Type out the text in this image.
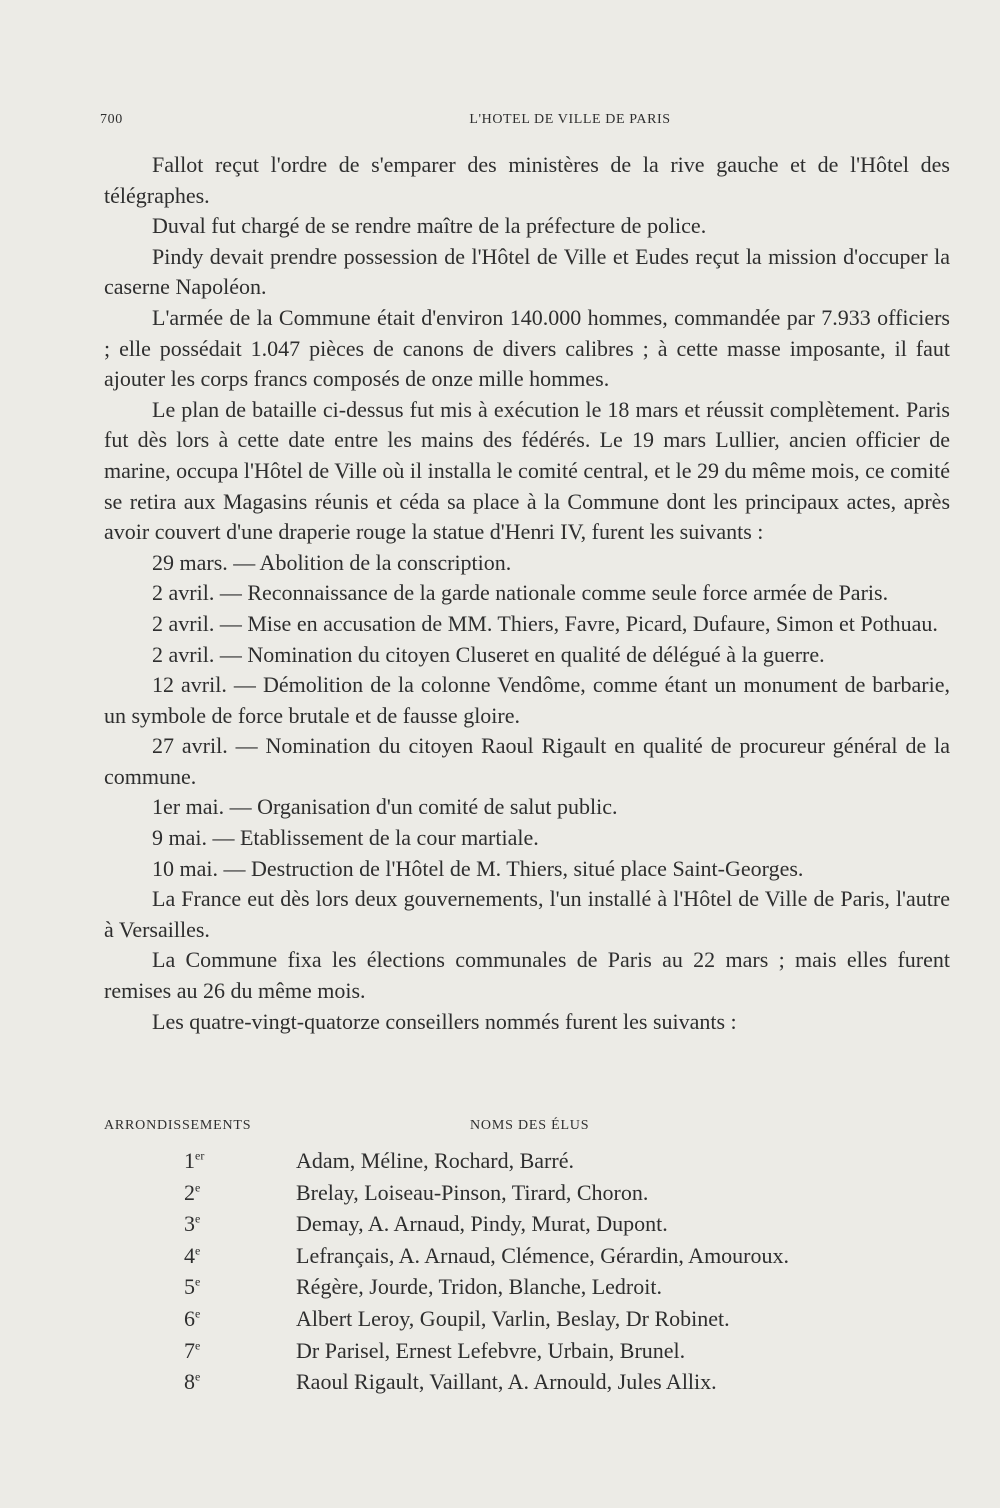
700	L'HOTEL DE VILLE DE PARIS

Fallot reçut l'ordre de s'emparer des ministères de la rive gauche et de l'Hôtel des télégraphes.

Duval fut chargé de se rendre maître de la préfecture de police.

Pindy devait prendre possession de l'Hôtel de Ville et Eudes reçut la mission d'occuper la caserne Napoléon.

L'armée de la Commune était d'environ 140.000 hommes, commandée par 7.933 officiers ; elle possédait 1.047 pièces de canons de divers calibres ; à cette masse imposante, il faut ajouter les corps francs composés de onze mille hommes.

Le plan de bataille ci-dessus fut mis à exécution le 18 mars et réussit complètement. Paris fut dès lors à cette date entre les mains des fédérés. Le 19 mars Lullier, ancien officier de marine, occupa l'Hôtel de Ville où il installa le comité central, et le 29 du même mois, ce comité se retira aux Magasins réunis et céda sa place à la Commune dont les principaux actes, après avoir couvert d'une draperie rouge la statue d'Henri IV, furent les suivants :

29 mars. — Abolition de la conscription.

2 avril. — Reconnaissance de la garde nationale comme seule force armée de Paris.

2 avril. — Mise en accusation de MM. Thiers, Favre, Picard, Dufaure, Simon et Pothuau.

2 avril. — Nomination du citoyen Cluseret en qualité de délégué à la guerre.

12 avril. — Démolition de la colonne Vendôme, comme étant un monument de barbarie, un symbole de force brutale et de fausse gloire.

27 avril. — Nomination du citoyen Raoul Rigault en qualité de procureur général de la commune.

1er mai. — Organisation d'un comité de salut public.

9 mai. — Etablissement de la cour martiale.

10 mai. — Destruction de l'Hôtel de M. Thiers, situé place Saint-Georges.

La France eut dès lors deux gouvernements, l'un installé à l'Hôtel de Ville de Paris, l'autre à Versailles.

La Commune fixa les élections communales de Paris au 22 mars ; mais elles furent remises au 26 du même mois.

Les quatre-vingt-quatorze conseillers nommés furent les suivants :

ARRONDISSEMENTS	NOMS DES ÉLUS
1er	Adam, Méline, Rochard, Barré.
2e	Brelay, Loiseau-Pinson, Tirard, Choron.
3e	Demay, A. Arnaud, Pindy, Murat, Dupont.
4e	Lefrançais, A. Arnaud, Clémence, Gérardin, Amouroux.
5e	Régère, Jourde, Tridon, Blanche, Ledroit.
6e	Albert Leroy, Goupil, Varlin, Beslay, Dr Robinet.
7e	Dr Parisel, Ernest Lefebvre, Urbain, Brunel.
8e	Raoul Rigault, Vaillant, A. Arnould, Jules Allix.
